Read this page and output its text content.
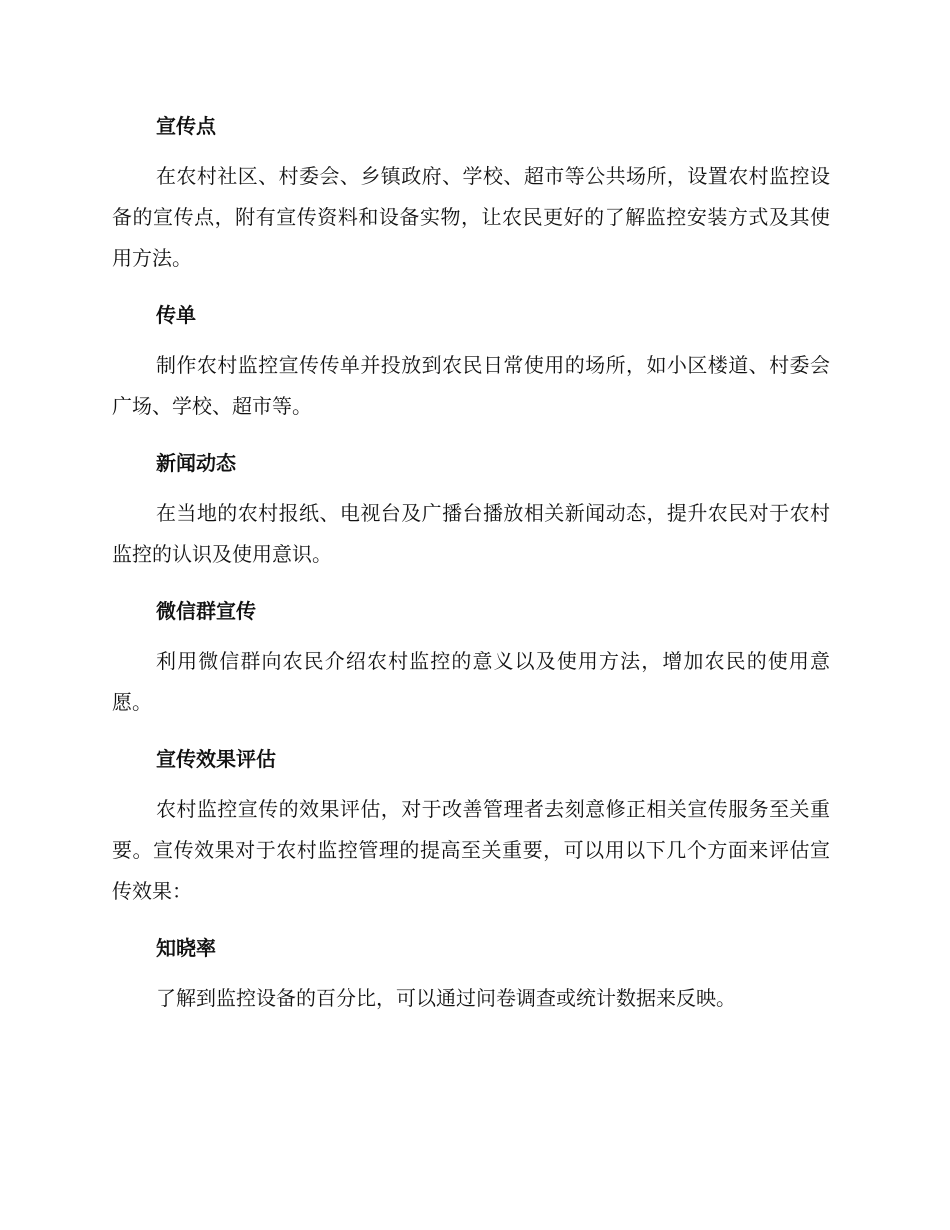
宣传点

在农村社区、村委会、乡镇政府、学校、超市等公共场所，设置农村监控设备的宣传点，附有宣传资料和设备实物，让农民更好的了解监控安装方式及其使用方法。

传单

制作农村监控宣传传单并投放到农民日常使用的场所，如小区楼道、村委会广场、学校、超市等。

新闻动态

在当地的农村报纸、电视台及广播台播放相关新闻动态，提升农民对于农村监控的认识及使用意识。

微信群宣传

利用微信群向农民介绍农村监控的意义以及使用方法，增加农民的使用意愿。

宣传效果评估

农村监控宣传的效果评估，对于改善管理者去刻意修正相关宣传服务至关重要。宣传效果对于农村监控管理的提高至关重要，可以用以下几个方面来评估宣传效果：

知晓率

了解到监控设备的百分比，可以通过问卷调查或统计数据来反映。
